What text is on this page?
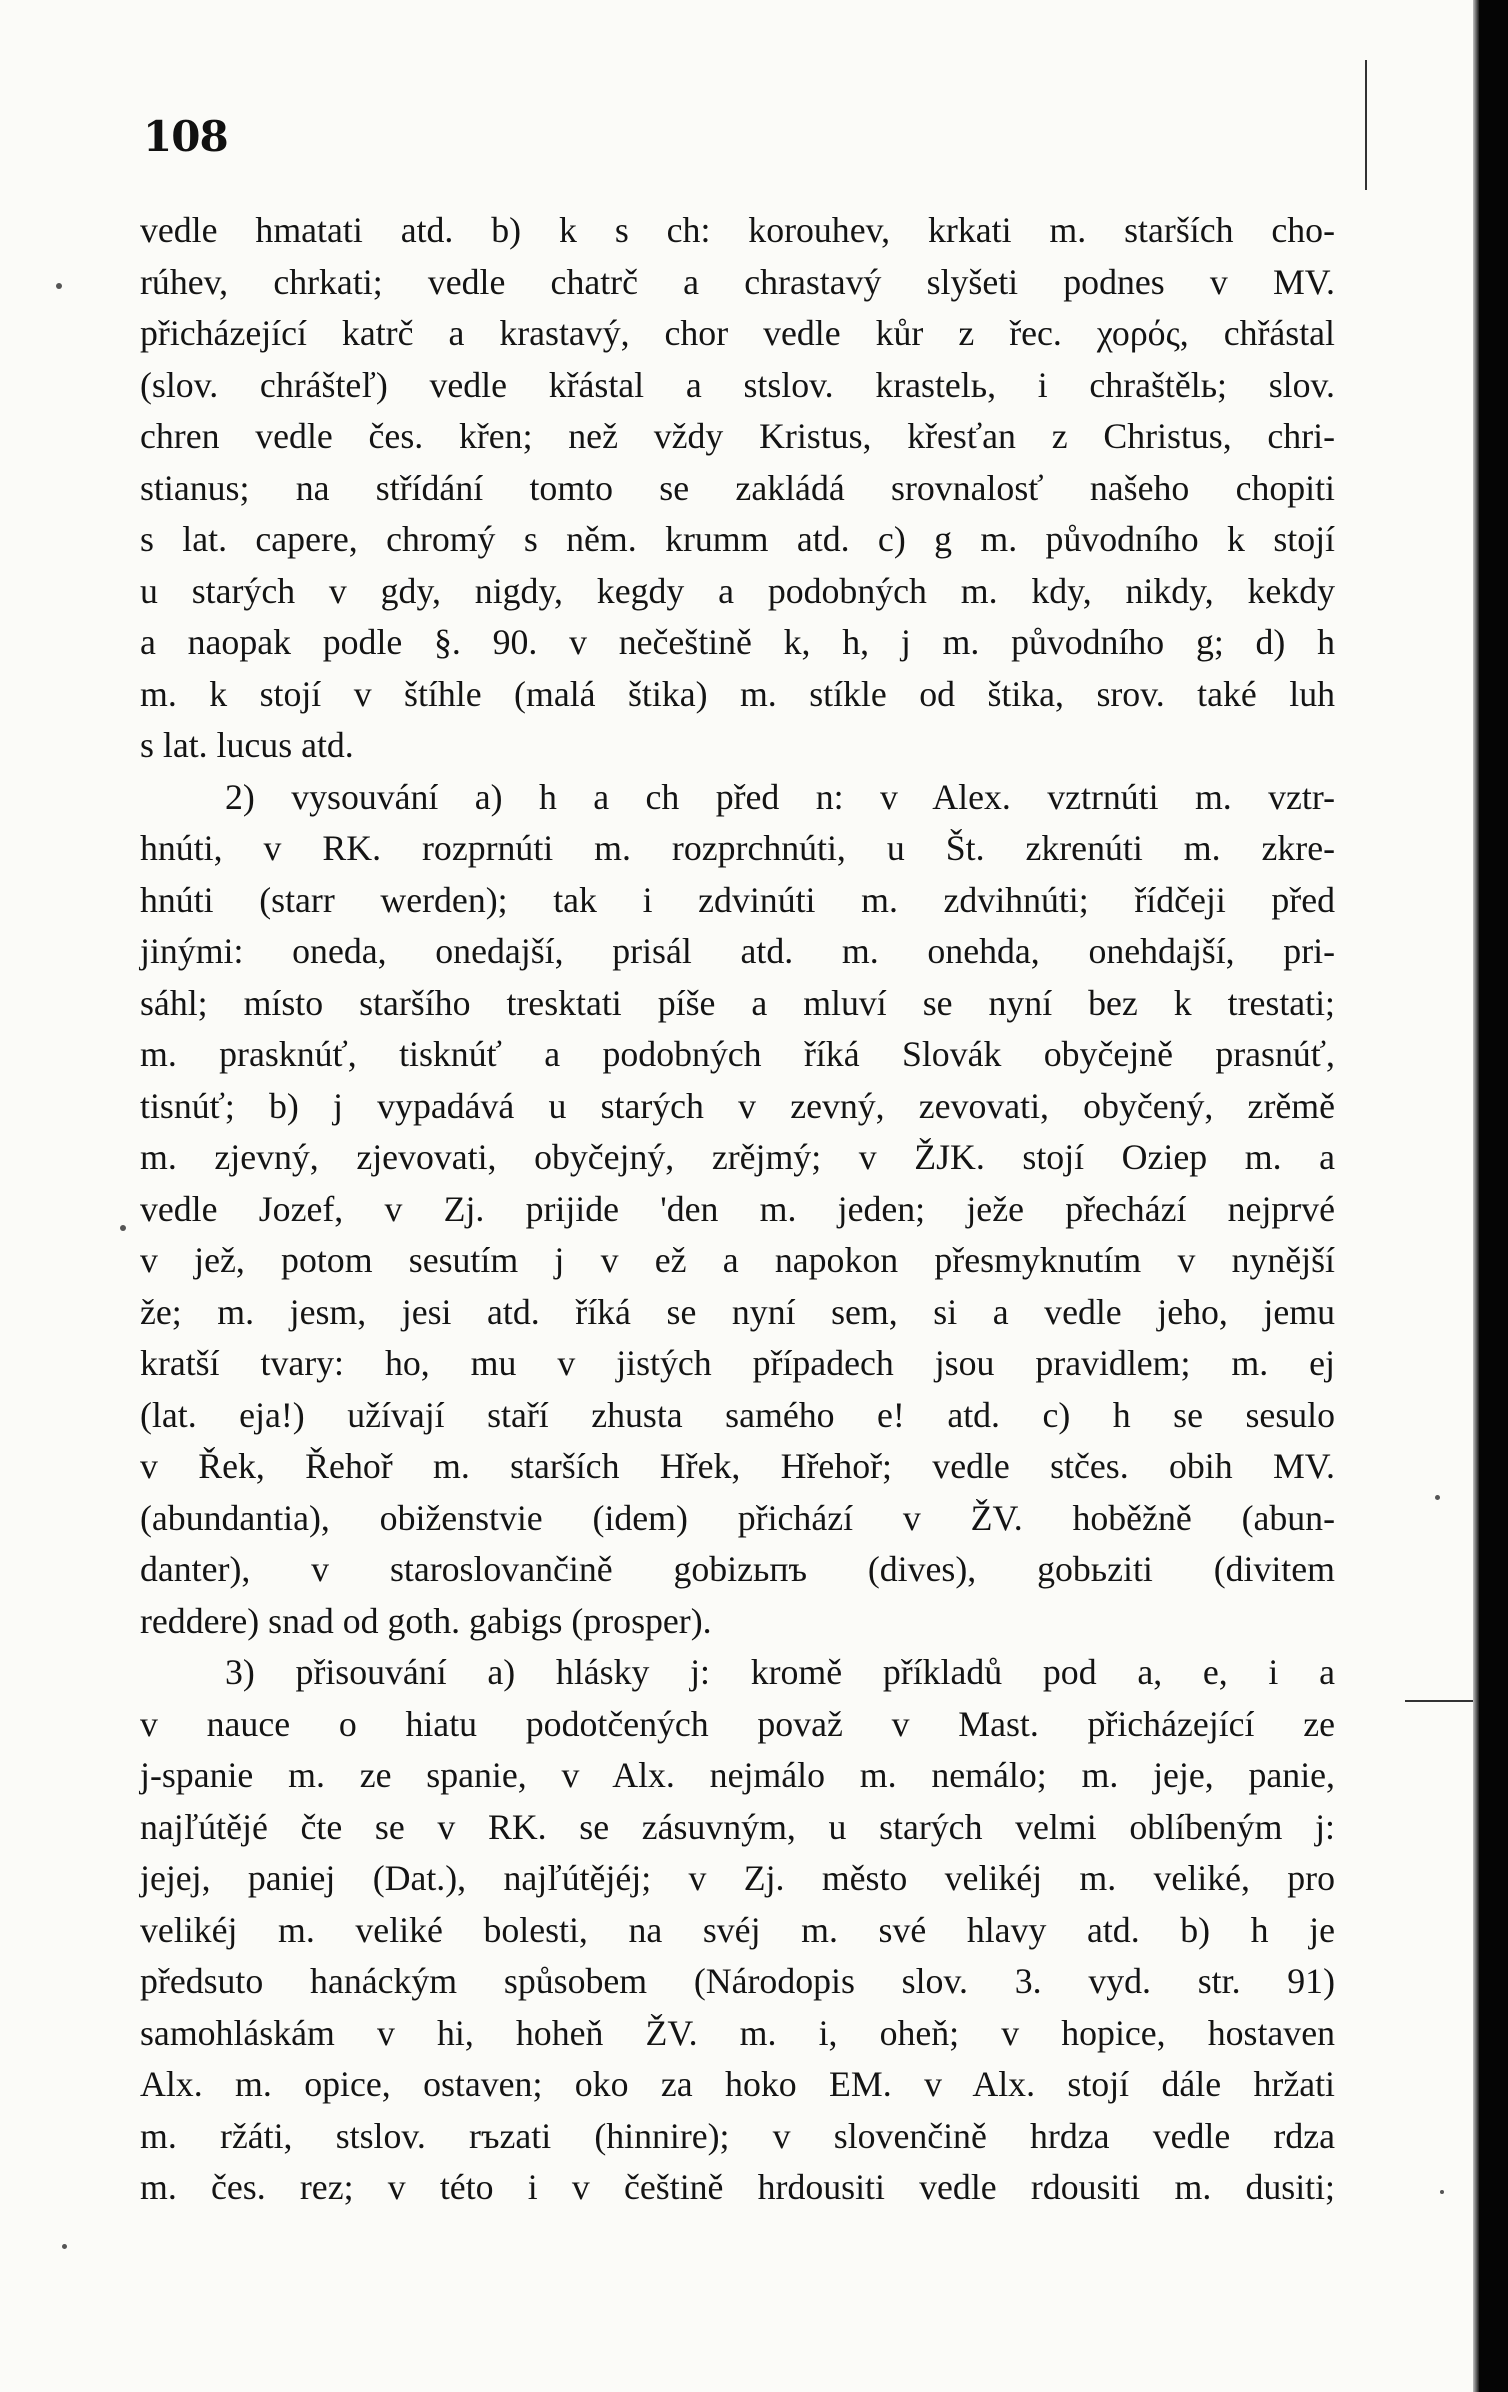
108
vedle hmatati atd. b) k s ch: korouhev, krkati m. starších cho-
rúhev, chrkati; vedle chatrč a chrastavý slyšeti podnes v MV.
přicházející katrč a krastavý, chor vedle kůr z řec. χορός, chřástal
(slov. chrášteľ) vedle křástal a stslov. krastelь, i chraštělь; slov.
chren vedle čes. křen; než vždy Kristus, křesťan z Christus, chri-
stianus; na střídání tomto se zakládá srovnalosť našeho chopiti
s lat. capere, chromý s něm. krumm atd. c) g m. původního k stojí
u starých v gdy, nigdy, kegdy a podobných m. kdy, nikdy, kekdy
a naopak podle §. 90. v nečeštině k, h, j m. původního g; d) h
m. k stojí v štíhle (malá štika) m. stíkle od štika, srov. také luh
s lat. lucus atd.
2) vysouvání a) h a ch před n: v Alex. vztrnúti m. vztr-
hnúti, v RK. rozprnúti m. rozprchnúti, u Št. zkrenúti m. zkre-
hnúti (starr werden); tak i zdvinúti m. zdvihnúti; řídčeji před
jinými: oneda, onedajší, prisál atd. m. onehda, onehdajší, pri-
sáhl; místo staršího tresktati píše a mluví se nyní bez k trestati;
m. prasknúť, tisknúť a podobných říká Slovák obyčejně prasnúť,
tisnúť; b) j vypadává u starých v zevný, zevovati, obyčený, zrěmě
m. zjevný, zjevovati, obyčejný, zrějmý; v ŽJK. stojí Oziep m. a
vedle Jozef, v Zj. prijide 'den m. jeden; ježe přechází nejprvé
v jež, potom sesutím j v ež a napokon přesmyknutím v nynější
že; m. jesm, jesi atd. říká se nyní sem, si a vedle jeho, jemu
kratší tvary: ho, mu v jistých případech jsou pravidlem; m. ej
(lat. eja!) užívají staří zhusta samého e! atd. c) h se sesulo
v Řek, Řehoř m. starších Hřek, Hřehoř; vedle stčes. obih MV.
(abundantia), obiženstvie (idem) přichází v ŽV. hoběžně (abun-
danter), v staroslovančině gobizьпъ (dives), gobьziti (divitem
reddere) snad od goth. gabigs (prosper).
3) přisouvání a) hlásky j: kromě příkladů pod a, e, i a
v nauce o hiatu podotčených považ v Mast. přicházející ze
j-spanie m. ze spanie, v Alx. nejmálo m. nemálo; m. jeje, panie,
najľútějé čte se v RK. se zásuvným, u starých velmi oblíbeným j:
jejej, paniej (Dat.), najľútějéj; v Zj. město velikéj m. veliké, pro
velikéj m. veliké bolesti, na svéj m. své hlavy atd. b) h je
předsuto hanáckým spůsobem (Národopis slov. 3. vyd. str. 91)
samohláskám v hi, hoheň ŽV. m. i, oheň; v hopice, hostaven
Alx. m. opice, ostaven; oko za hoko EM. v Alx. stojí dále hržati
m. ržáti, stslov. rъzati (hinnire); v slovenčině hrdza vedle rdza
m. čes. rez; v této i v češtině hrdousiti vedle rdousiti m. dusiti;
